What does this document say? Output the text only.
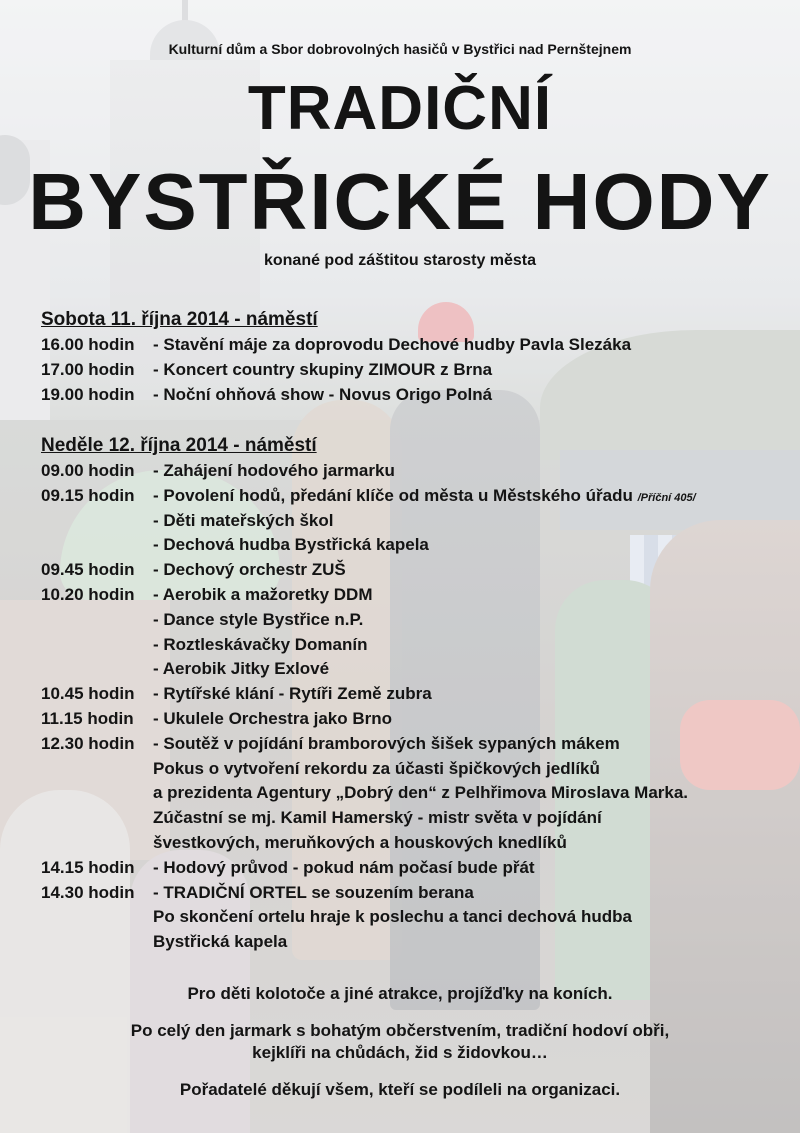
Kulturní dům a Sbor dobrovolných hasičů v Bystřici nad Pernštejnem
TRADIČNÍ
BYSTŘICKÉ HODY
konané pod záštitou starosty města
Sobota 11. října 2014 - náměstí
16.00 hodin - Stavění máje za doprovodu Dechové hudby Pavla Slezáka
17.00 hodin - Koncert country skupiny ZIMOUR z Brna
19.00 hodin - Noční ohňová show - Novus Origo Polná
Neděle 12. října 2014 - náměstí
09.00 hodin - Zahájení hodového jarmarku
09.15 hodin - Povolení hodů, předání klíče od města u Městského úřadu /Příční 405/
- Děti mateřských škol
- Dechová hudba Bystřická kapela
09.45 hodin - Dechový orchestr ZUŠ
10.20 hodin - Aerobik a mažoretky DDM
- Dance style Bystřice n.P.
- Roztleskávačky Domanín
- Aerobik Jitky Exlové
10.45 hodin - Rytířské klání - Rytíři Země zubra
11.15 hodin - Ukulele Orchestra jako Brno
12.30 hodin - Soutěž v pojídání bramborových šišek sypaných mákem
Pokus o vytvoření rekordu za účasti špičkových jedlíků
a prezidenta Agentury „Dobrý den“ z Pelhřimova Miroslava Marka.
Zúčastní se mj. Kamil Hamerský - mistr světa v pojídání
švestkových, meruňkových a houskových knedlíků
14.15 hodin - Hodový průvod - pokud nám počasí bude přát
14.30 hodin - TRADIČNÍ ORTEL se souzením berana
Po skončení ortelu hraje k poslechu a tanci dechová hudba
Bystřická kapela
Pro děti kolotoče a jiné atrakce, projížďky na koních.
Po celý den jarmark s bohatým občerstvením, tradiční hodoví obři,
kejklíři na chůdách, žid s židovkou…
Pořadatelé děkují všem, kteří se podíleli na organizaci.
